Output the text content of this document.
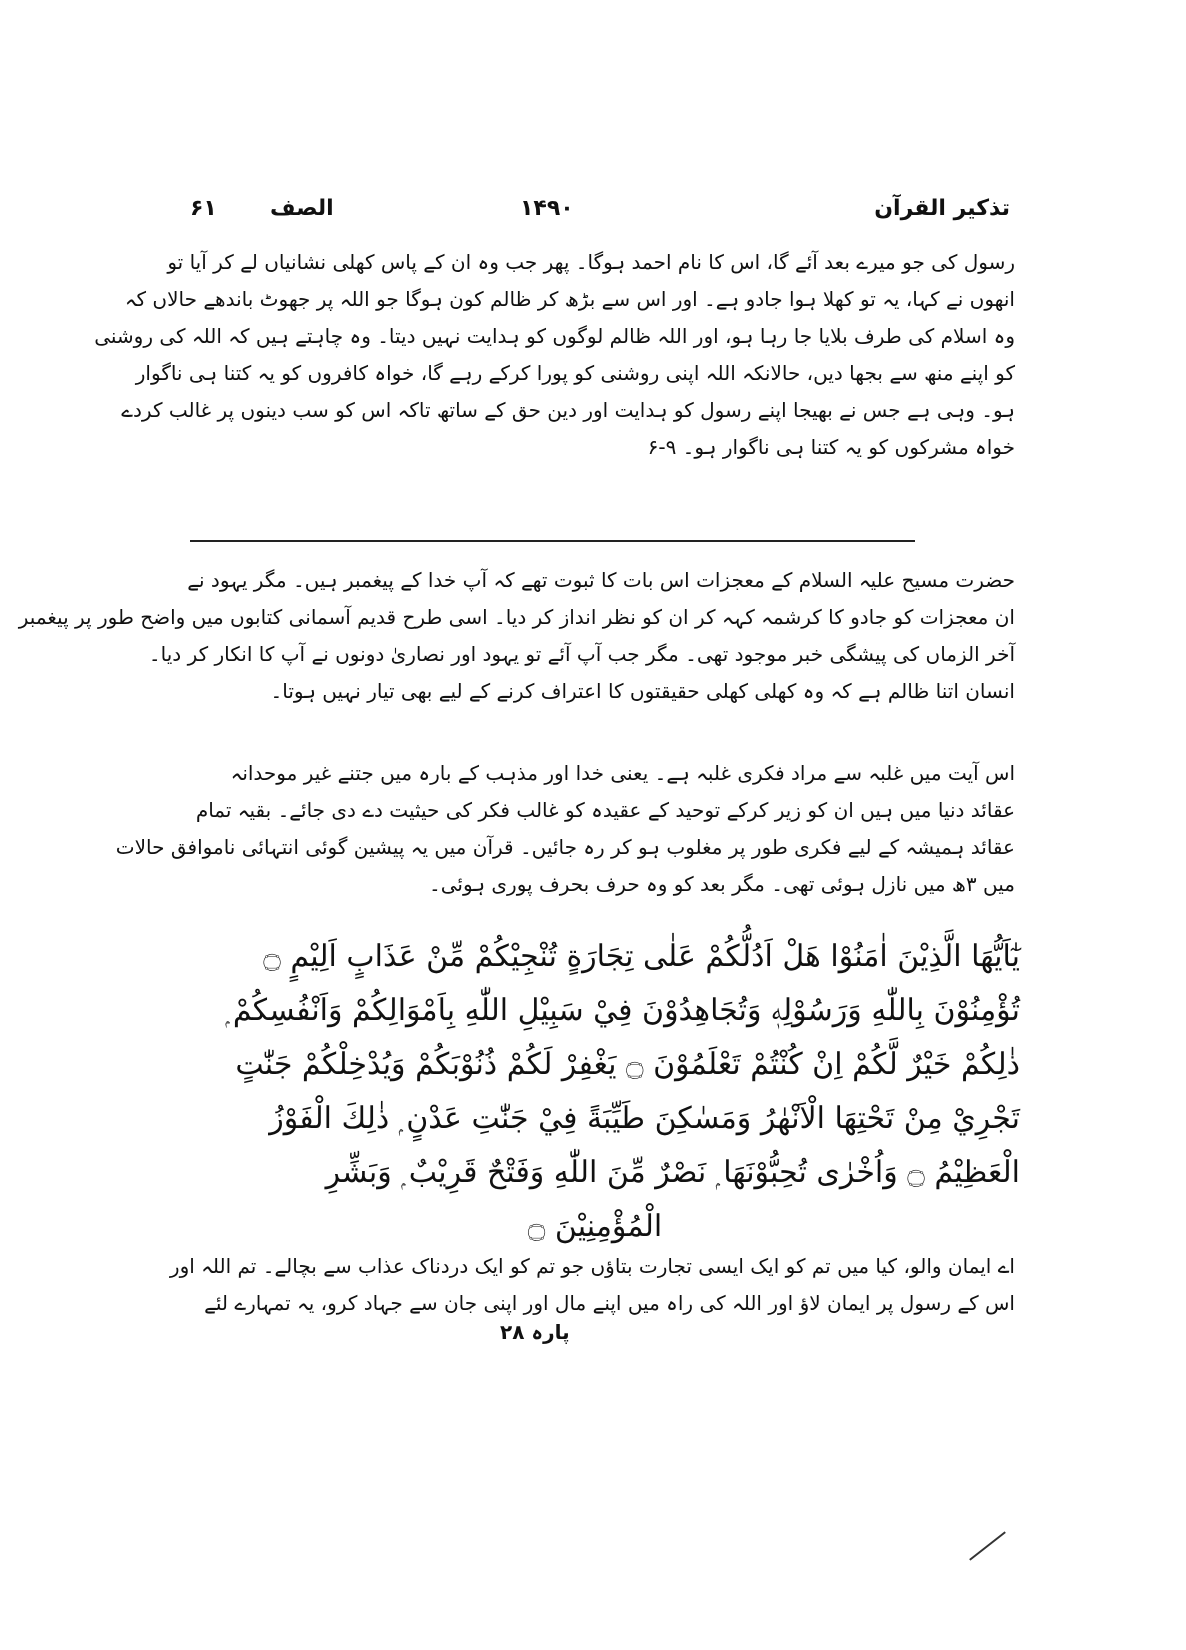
تذکیر القرآن
۱۴۹۰
الصف
۶۱
رسول کی جو میرے بعد آئے گا، اس کا نام احمد ہوگا۔ پھر جب وہ ان کے پاس کھلی نشانیاں لے کر آیا تو
انھوں نے کہا، یہ تو کھلا ہوا جادو ہے۔ اور اس سے بڑھ کر ظالم کون ہوگا جو اللہ پر جھوٹ باندھے حالاں کہ
وہ اسلام کی طرف بلایا جا رہا ہو، اور اللہ ظالم لوگوں کو ہدایت نہیں دیتا۔ وہ چاہتے ہیں کہ اللہ کی روشنی
کو اپنے منھ سے بجھا دیں، حالانکہ اللہ اپنی روشنی کو پورا کرکے رہے گا، خواہ کافروں کو یہ کتنا ہی ناگوار
ہو۔ وہی ہے جس نے بھیجا اپنے رسول کو ہدایت اور دین حق کے ساتھ تاکہ اس کو سب دینوں پر غالب کردے
خواہ مشرکوں کو یہ کتنا ہی ناگوار ہو۔ ۹-۶
حضرت مسیح علیہ السلام کے معجزات اس بات کا ثبوت تھے کہ آپ خدا کے پیغمبر ہیں۔ مگر یہود نے
ان معجزات کو جادو کا کرشمہ کہہ کر ان کو نظر انداز کر دیا۔ اسی طرح قدیم آسمانی کتابوں میں واضح طور پر پیغمبر
آخر الزماں کی پیشگی خبر موجود تھی۔ مگر جب آپ آئے تو یہود اور نصاریٰ دونوں نے آپ کا انکار کر دیا۔
انسان اتنا ظالم ہے کہ وہ کھلی کھلی حقیقتوں کا اعتراف کرنے کے لیے بھی تیار نہیں ہوتا۔
اس آیت میں غلبہ سے مراد فکری غلبہ ہے۔ یعنی خدا اور مذہب کے بارہ میں جتنے غیر موحدانہ
عقائد دنیا میں ہیں ان کو زیر کرکے توحید کے عقیدہ کو غالب فکر کی حیثیت دے دی جائے۔ بقیہ تمام
عقائد ہمیشہ کے لیے فکری طور پر مغلوب ہو کر رہ جائیں۔ قرآن میں یہ پیشین گوئی انتہائی ناموافق حالات
میں ۳ھ میں نازل ہوئی تھی۔ مگر بعد کو وہ حرف بحرف پوری ہوئی۔
يٰٓاَيُّهَا الَّذِيْنَ اٰمَنُوْا هَلْ اَدُلُّكُمْ عَلٰى تِجَارَةٍ تُنْجِيْكُمْ مِّنْ عَذَابٍ اَلِيْمٍ ۝
تُؤْمِنُوْنَ بِاللّٰهِ وَرَسُوْلِهٖ وَتُجَاهِدُوْنَ فِيْ سَبِيْلِ اللّٰهِ بِاَمْوَالِكُمْ وَاَنْفُسِكُمْ ۭ
ذٰلِكُمْ خَيْرٌ لَّكُمْ اِنْ كُنْتُمْ تَعْلَمُوْنَ ۝ يَغْفِرْ لَكُمْ ذُنُوْبَكُمْ وَيُدْخِلْكُمْ جَنّٰتٍ
تَجْرِيْ مِنْ تَحْتِهَا الْاَنْهٰرُ وَمَسٰكِنَ طَيِّبَةً فِيْ جَنّٰتِ عَدْنٍ ۭ ذٰلِكَ الْفَوْزُ
الْعَظِيْمُ ۝ وَاُخْرٰى تُحِبُّوْنَهَا ۭ نَصْرٌ مِّنَ اللّٰهِ وَفَتْحٌ قَرِيْبٌ ۭ وَبَشِّرِ
الْمُؤْمِنِيْنَ ۝
اے ایمان والو، کیا میں تم کو ایک ایسی تجارت بتاؤں جو تم کو ایک دردناک عذاب سے بچالے۔ تم اللہ اور
اس کے رسول پر ایمان لاؤ اور اللہ کی راہ میں اپنے مال اور اپنی جان سے جہاد کرو، یہ تمہارے لئے
پارہ ۲۸
